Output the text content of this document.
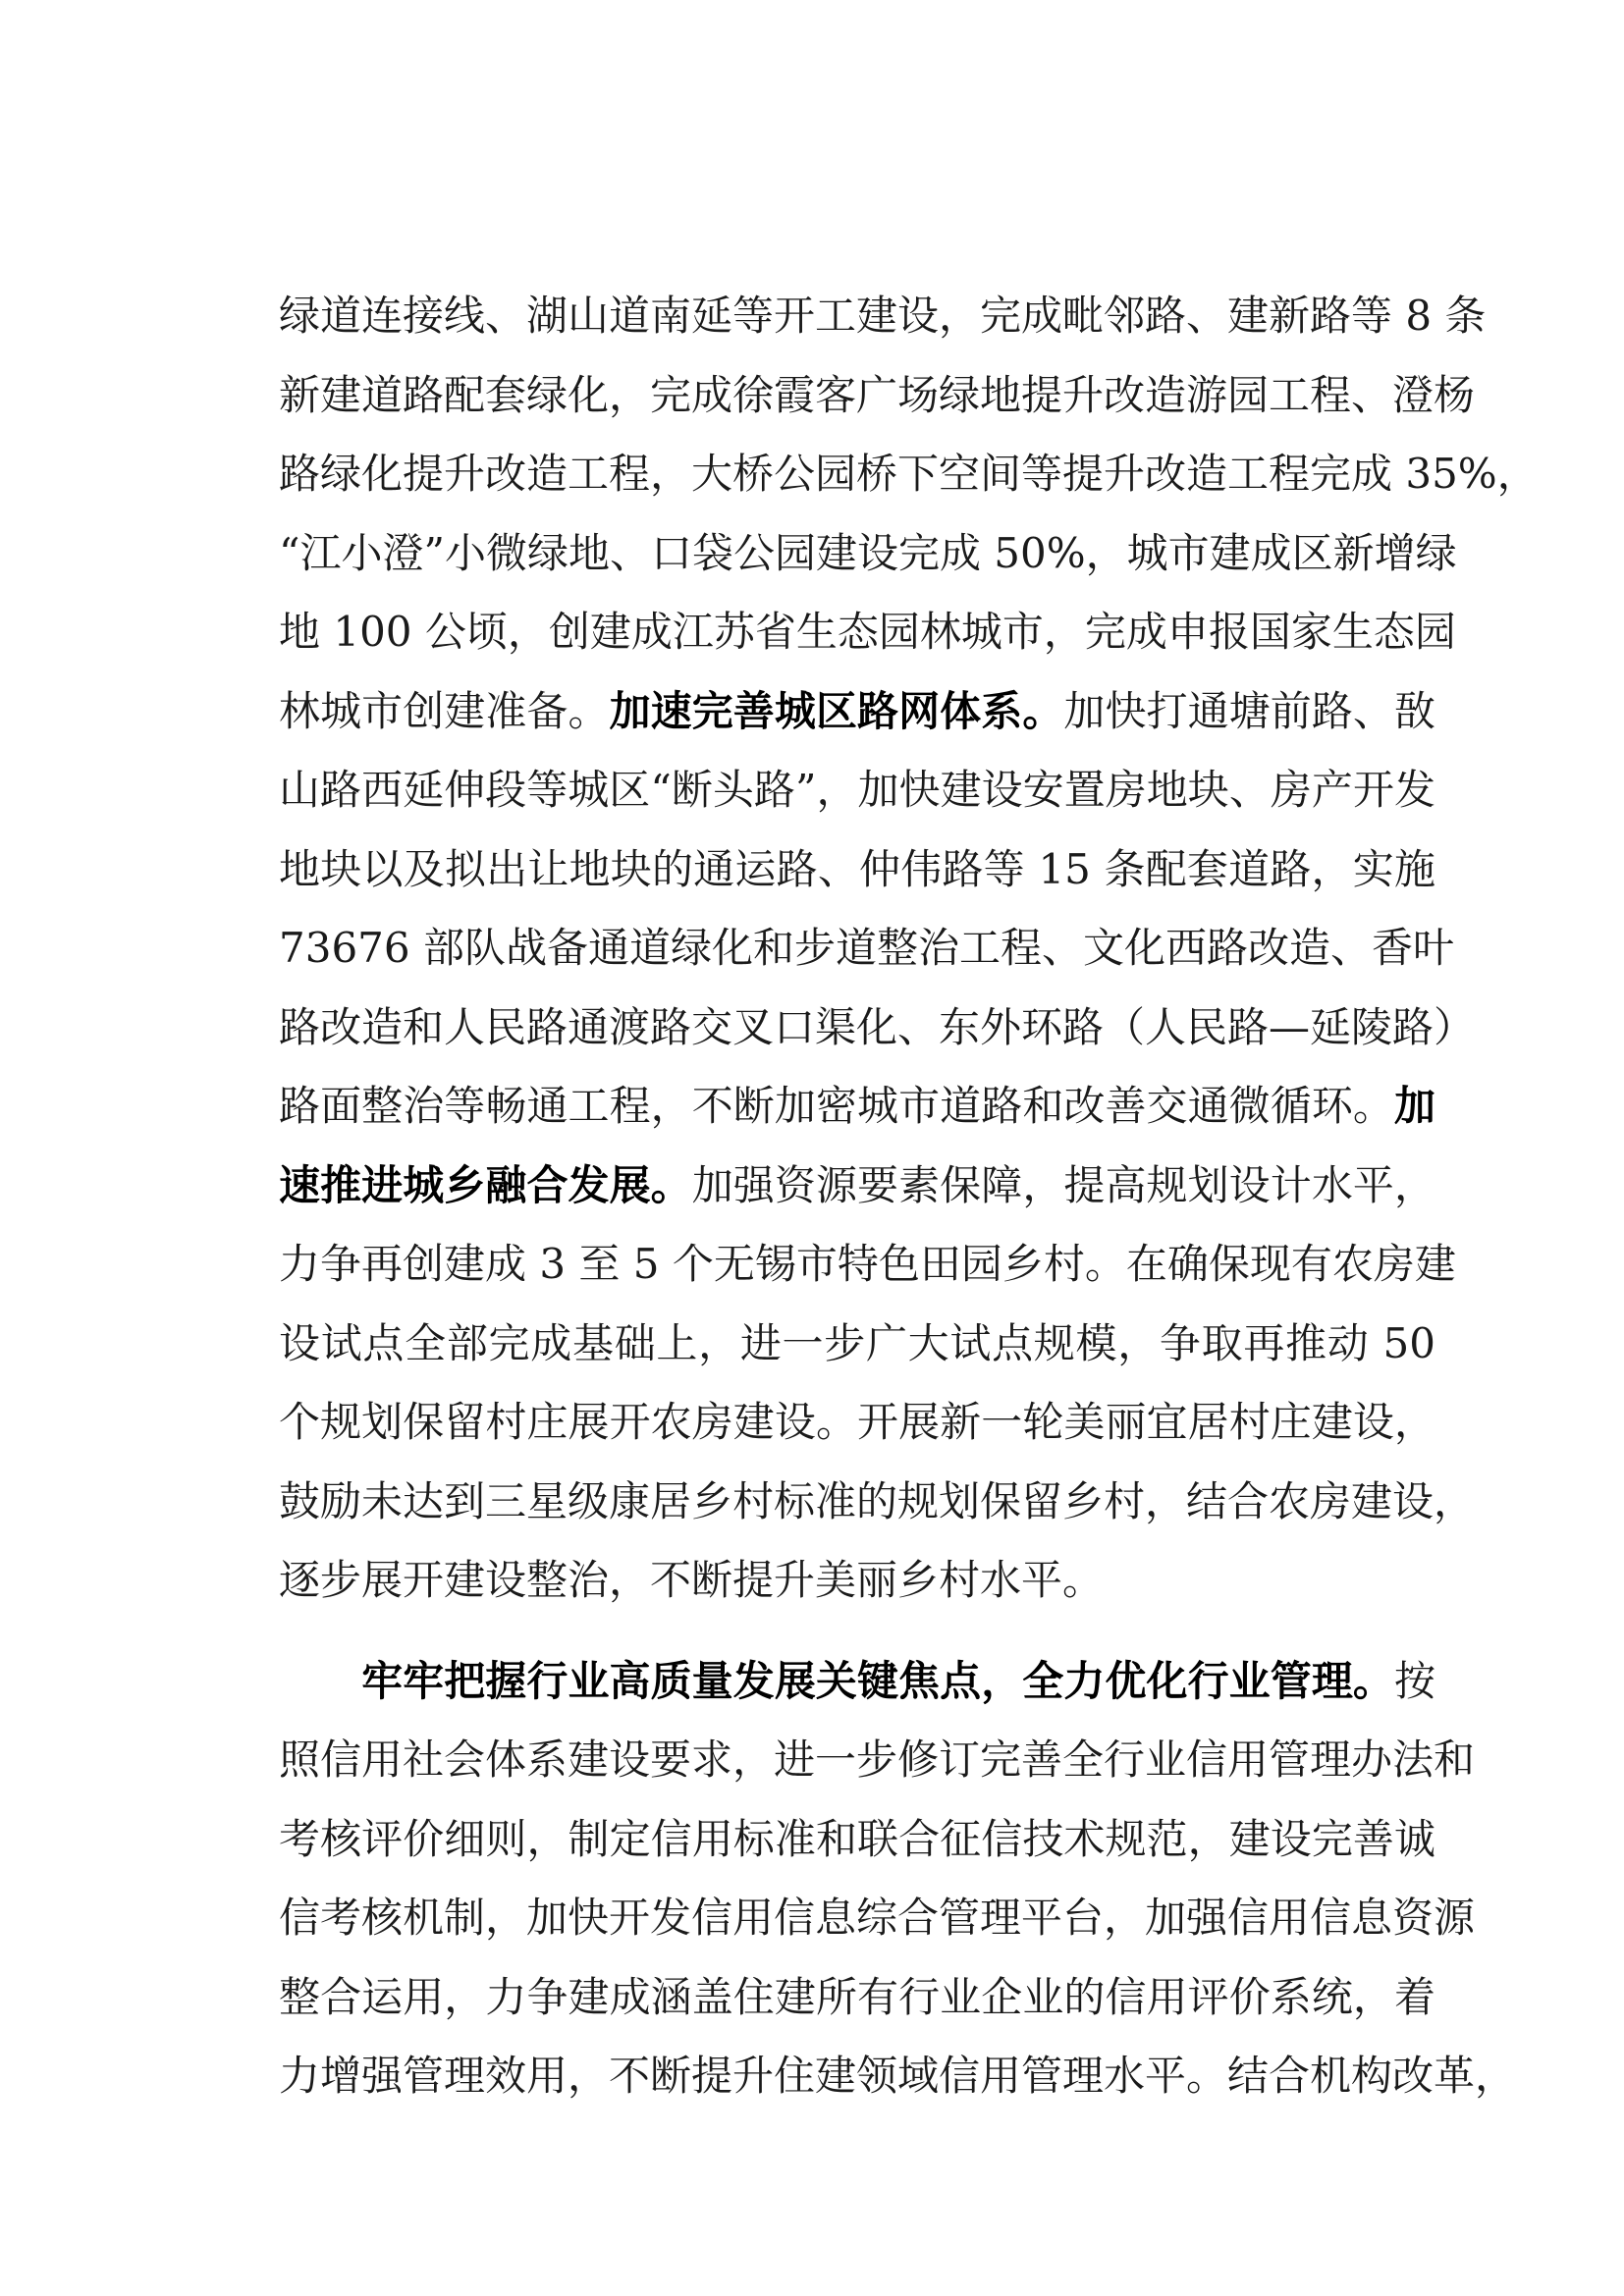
绿道连接线、湖山道南延等开工建设，完成毗邻路、建新路等 8 条
新建道路配套绿化，完成徐霞客广场绿地提升改造游园工程、澄杨
路绿化提升改造工程，大桥公园桥下空间等提升改造工程完成 35%，
“江小澄”小微绿地、口袋公园建设完成 50%，城市建成区新增绿
地 100 公顷，创建成江苏省生态园林城市，完成申报国家生态园
林城市创建准备。加速完善城区路网体系。加快打通塘前路、敔
山路西延伸段等城区“断头路”，加快建设安置房地块、房产开发
地块以及拟出让地块的通运路、仲伟路等 15 条配套道路，实施
73676 部队战备通道绿化和步道整治工程、文化西路改造、香叶
路改造和人民路通渡路交叉口渠化、东外环路（人民路—延陵路）
路面整治等畅通工程，不断加密城市道路和改善交通微循环。加
速推进城乡融合发展。加强资源要素保障，提高规划设计水平，
力争再创建成 3 至 5 个无锡市特色田园乡村。在确保现有农房建
设试点全部完成基础上，进一步广大试点规模，争取再推动 50
个规划保留村庄展开农房建设。开展新一轮美丽宜居村庄建设，
鼓励未达到三星级康居乡村标准的规划保留乡村，结合农房建设，
逐步展开建设整治，不断提升美丽乡村水平。
牢牢把握行业高质量发展关键焦点，全力优化行业管理。按
照信用社会体系建设要求，进一步修订完善全行业信用管理办法和
考核评价细则，制定信用标准和联合征信技术规范，建设完善诚
信考核机制，加快开发信用信息综合管理平台，加强信用信息资源
整合运用，力争建成涵盖住建所有行业企业的信用评价系统，着
力增强管理效用，不断提升住建领域信用管理水平。结合机构改革，
